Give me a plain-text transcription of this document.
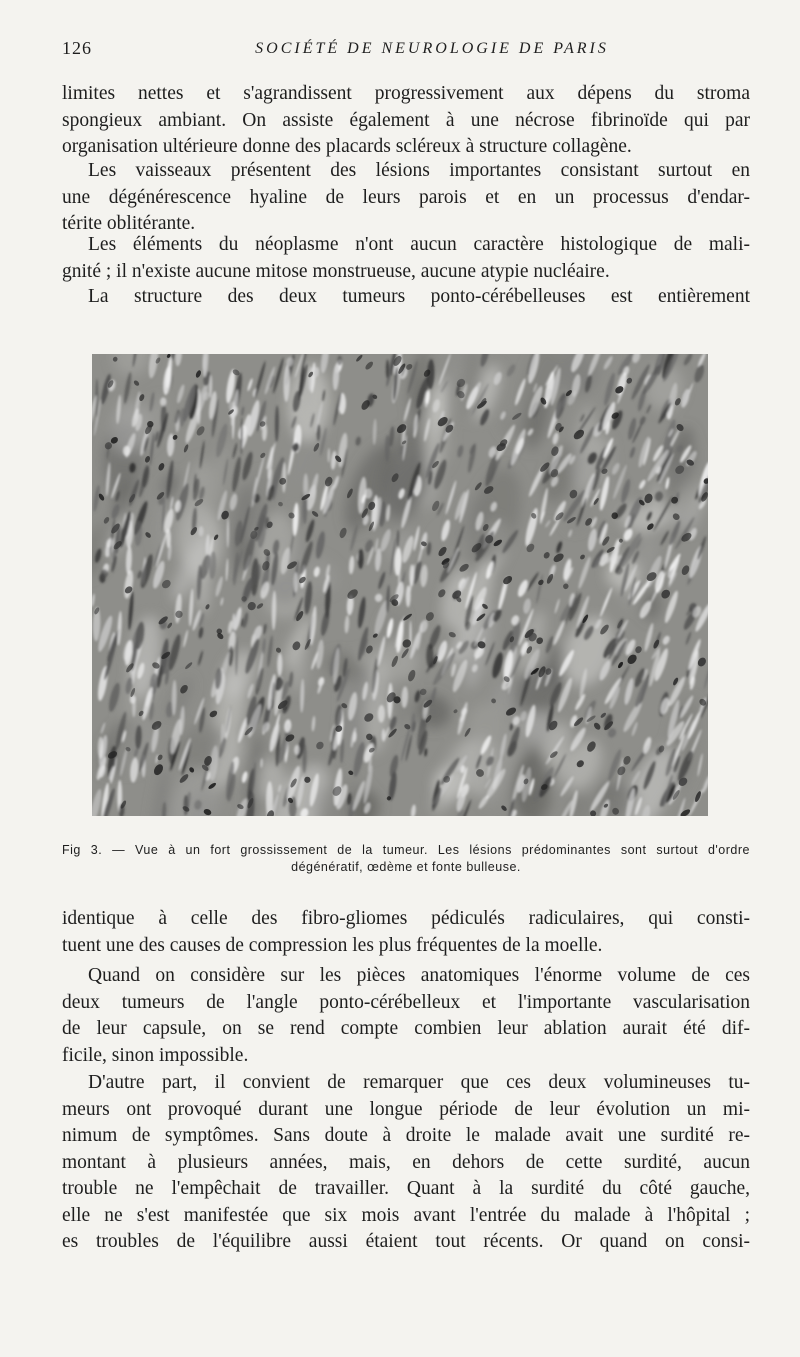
126	SOCIÉTÉ DE NEUROLOGIE DE PARIS
limites nettes et s'agrandissent progressivement aux dépens du stroma
spongieux ambiant. On assiste également à une nécrose fibrinoïde qui par
organisation ultérieure donne des placards scléreux à structure collagène.
Les vaisseaux présentent des lésions importantes consistant surtout en
une dégénérescence hyaline de leurs parois et en un processus d'endar-
térite oblitérante.
Les éléments du néoplasme n'ont aucun caractère histologique de mali-
gnité ; il n'existe aucune mitose monstrueuse, aucune atypie nucléaire.
La structure des deux tumeurs ponto-cérébelleuses est entièrement
Fig 3. — Vue à un fort grossissement de la tumeur. Les lésions prédominantes sont surtout d'ordre
dégénératif, œdème et fonte bulleuse.
identique à celle des fibro-gliomes pédiculés radiculaires, qui consti-
tuent une des causes de compression les plus fréquentes de la moelle.
Quand on considère sur les pièces anatomiques l'énorme volume de ces
deux tumeurs de l'angle ponto-cérébelleux et l'importante vascularisation
de leur capsule, on se rend compte combien leur ablation aurait été dif-
ficile, sinon impossible.
D'autre part, il convient de remarquer que ces deux volumineuses tu-
meurs ont provoqué durant une longue période de leur évolution un mi-
nimum de symptômes. Sans doute à droite le malade avait une surdité re-
montant à plusieurs années, mais, en dehors de cette surdité, aucun
trouble ne l'empêchait de travailler. Quant à la surdité du côté gauche,
elle ne s'est manifestée que six mois avant l'entrée du malade à l'hôpital ;
es troubles de l'équilibre aussi étaient tout récents. Or quand on consi-
